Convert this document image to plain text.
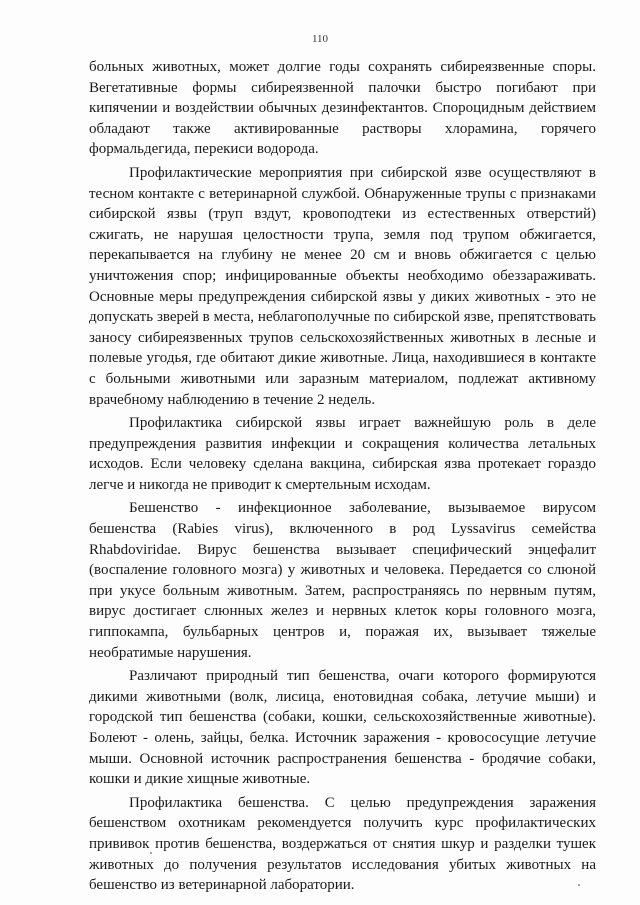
110

больных животных, может долгие годы сохранять сибиреязвенные споры. Вегетативные формы сибиреязвенной палочки быстро погибают при кипячении и воздействии обычных дезинфектантов. Спороцидным действием обладают также активированные растворы хлорамина, горячего формальдегида, перекиси водорода.

Профилактические мероприятия при сибирской язве осуществляют в тесном контакте с ветеринарной службой. Обнаруженные трупы с признаками сибирской язвы (труп вздут, кровоподтеки из естественных отверстий) сжигать, не нарушая целостности трупа, земля под трупом обжигается, перекапывается на глубину не менее 20 см и вновь обжигается с целью уничтожения спор; инфицированные объекты необходимо обеззараживать. Основные меры предупреждения сибирской язвы у диких животных - это не допускать зверей в места, неблагополучные по сибирской язве, препятствовать заносу сибиреязвенных трупов сельскохозяйственных животных в лесные и полевые угодья, где обитают дикие животные. Лица, находившиеся в контакте с больными животными или заразным материалом, подлежат активному врачебному наблюдению в течение 2 недель.

Профилактика сибирской язвы играет важнейшую роль в деле предупреждения развития инфекции и сокращения количества летальных исходов. Если человеку сделана вакцина, сибирская язва протекает гораздо легче и никогда не приводит к смертельным исходам.

Бешенство - инфекционное заболевание, вызываемое вирусом бешенства (Rabies virus), включенного в род Lyssavirus семейства Rhabdoviridae. Вирус бешенства вызывает специфический энцефалит (воспаление головного мозга) у животных и человека. Передается со слюной при укусе больным животным. Затем, распространяясь по нервным путям, вирус достигает слюнных желез и нервных клеток коры головного мозга, гиппокампа, бульбарных центров и, поражая их, вызывает тяжелые необратимые нарушения.

Различают природный тип бешенства, очаги которого формируются дикими животными (волк, лисица, енотовидная собака, летучие мыши) и городской тип бешенства (собаки, кошки, сельскохозяйственные животные). Болеют - олень, зайцы, белка. Источник заражения - кровососущие летучие мыши. Основной источник распространения бешенства - бродячие собаки, кошки и дикие хищные животные.

Профилактика бешенства. С целью предупреждения заражения бешенством охотникам рекомендуется получить курс профилактических прививок против бешенства, воздержаться от снятия шкур и разделки тушек животных до получения результатов исследования убитых животных на бешенство из ветеринарной лаборатории.
